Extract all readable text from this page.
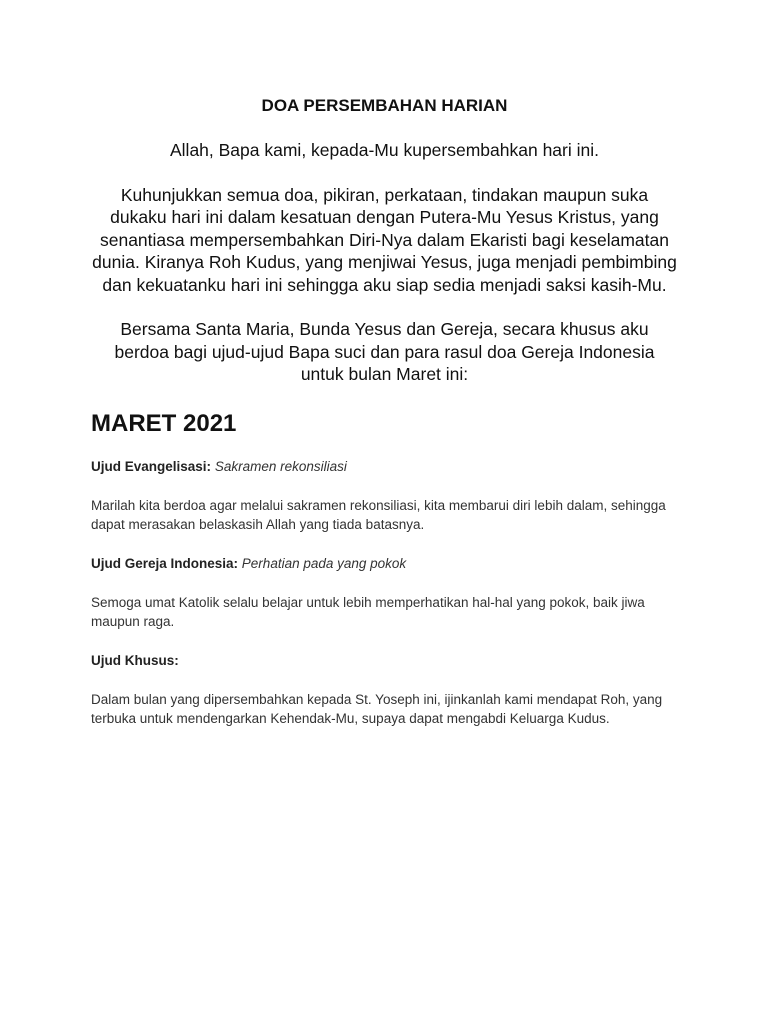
DOA PERSEMBAHAN HARIAN

Allah, Bapa kami, kepada-Mu kupersembahkan hari ini.

Kuhunjukkan semua doa, pikiran, perkataan, tindakan maupun suka dukaku hari ini dalam kesatuan dengan Putera-Mu Yesus Kristus, yang senantiasa mempersembahkan Diri-Nya dalam Ekaristi bagi keselamatan dunia. Kiranya Roh Kudus, yang menjiwai Yesus, juga menjadi pembimbing dan kekuatanku hari ini sehingga aku siap sedia menjadi saksi kasih-Mu.

Bersama Santa Maria, Bunda Yesus dan Gereja, secara khusus aku berdoa bagi ujud-ujud Bapa suci dan para rasul doa Gereja Indonesia untuk bulan Maret ini:

MARET 2021
Ujud Evangelisasi: Sakramen rekonsiliasi

Marilah kita berdoa agar melalui sakramen rekonsiliasi, kita membarui diri lebih dalam, sehingga dapat merasakan belaskasih Allah yang tiada batasnya.

Ujud Gereja Indonesia: Perhatian pada yang pokok

Semoga umat Katolik selalu belajar untuk lebih memperhatikan hal-hal yang pokok, baik jiwa maupun raga.

Ujud Khusus:

Dalam bulan yang dipersembahkan kepada St. Yoseph ini, ijinkanlah kami mendapat Roh, yang terbuka untuk mendengarkan Kehendak-Mu, supaya dapat mengabdi Keluarga Kudus.
